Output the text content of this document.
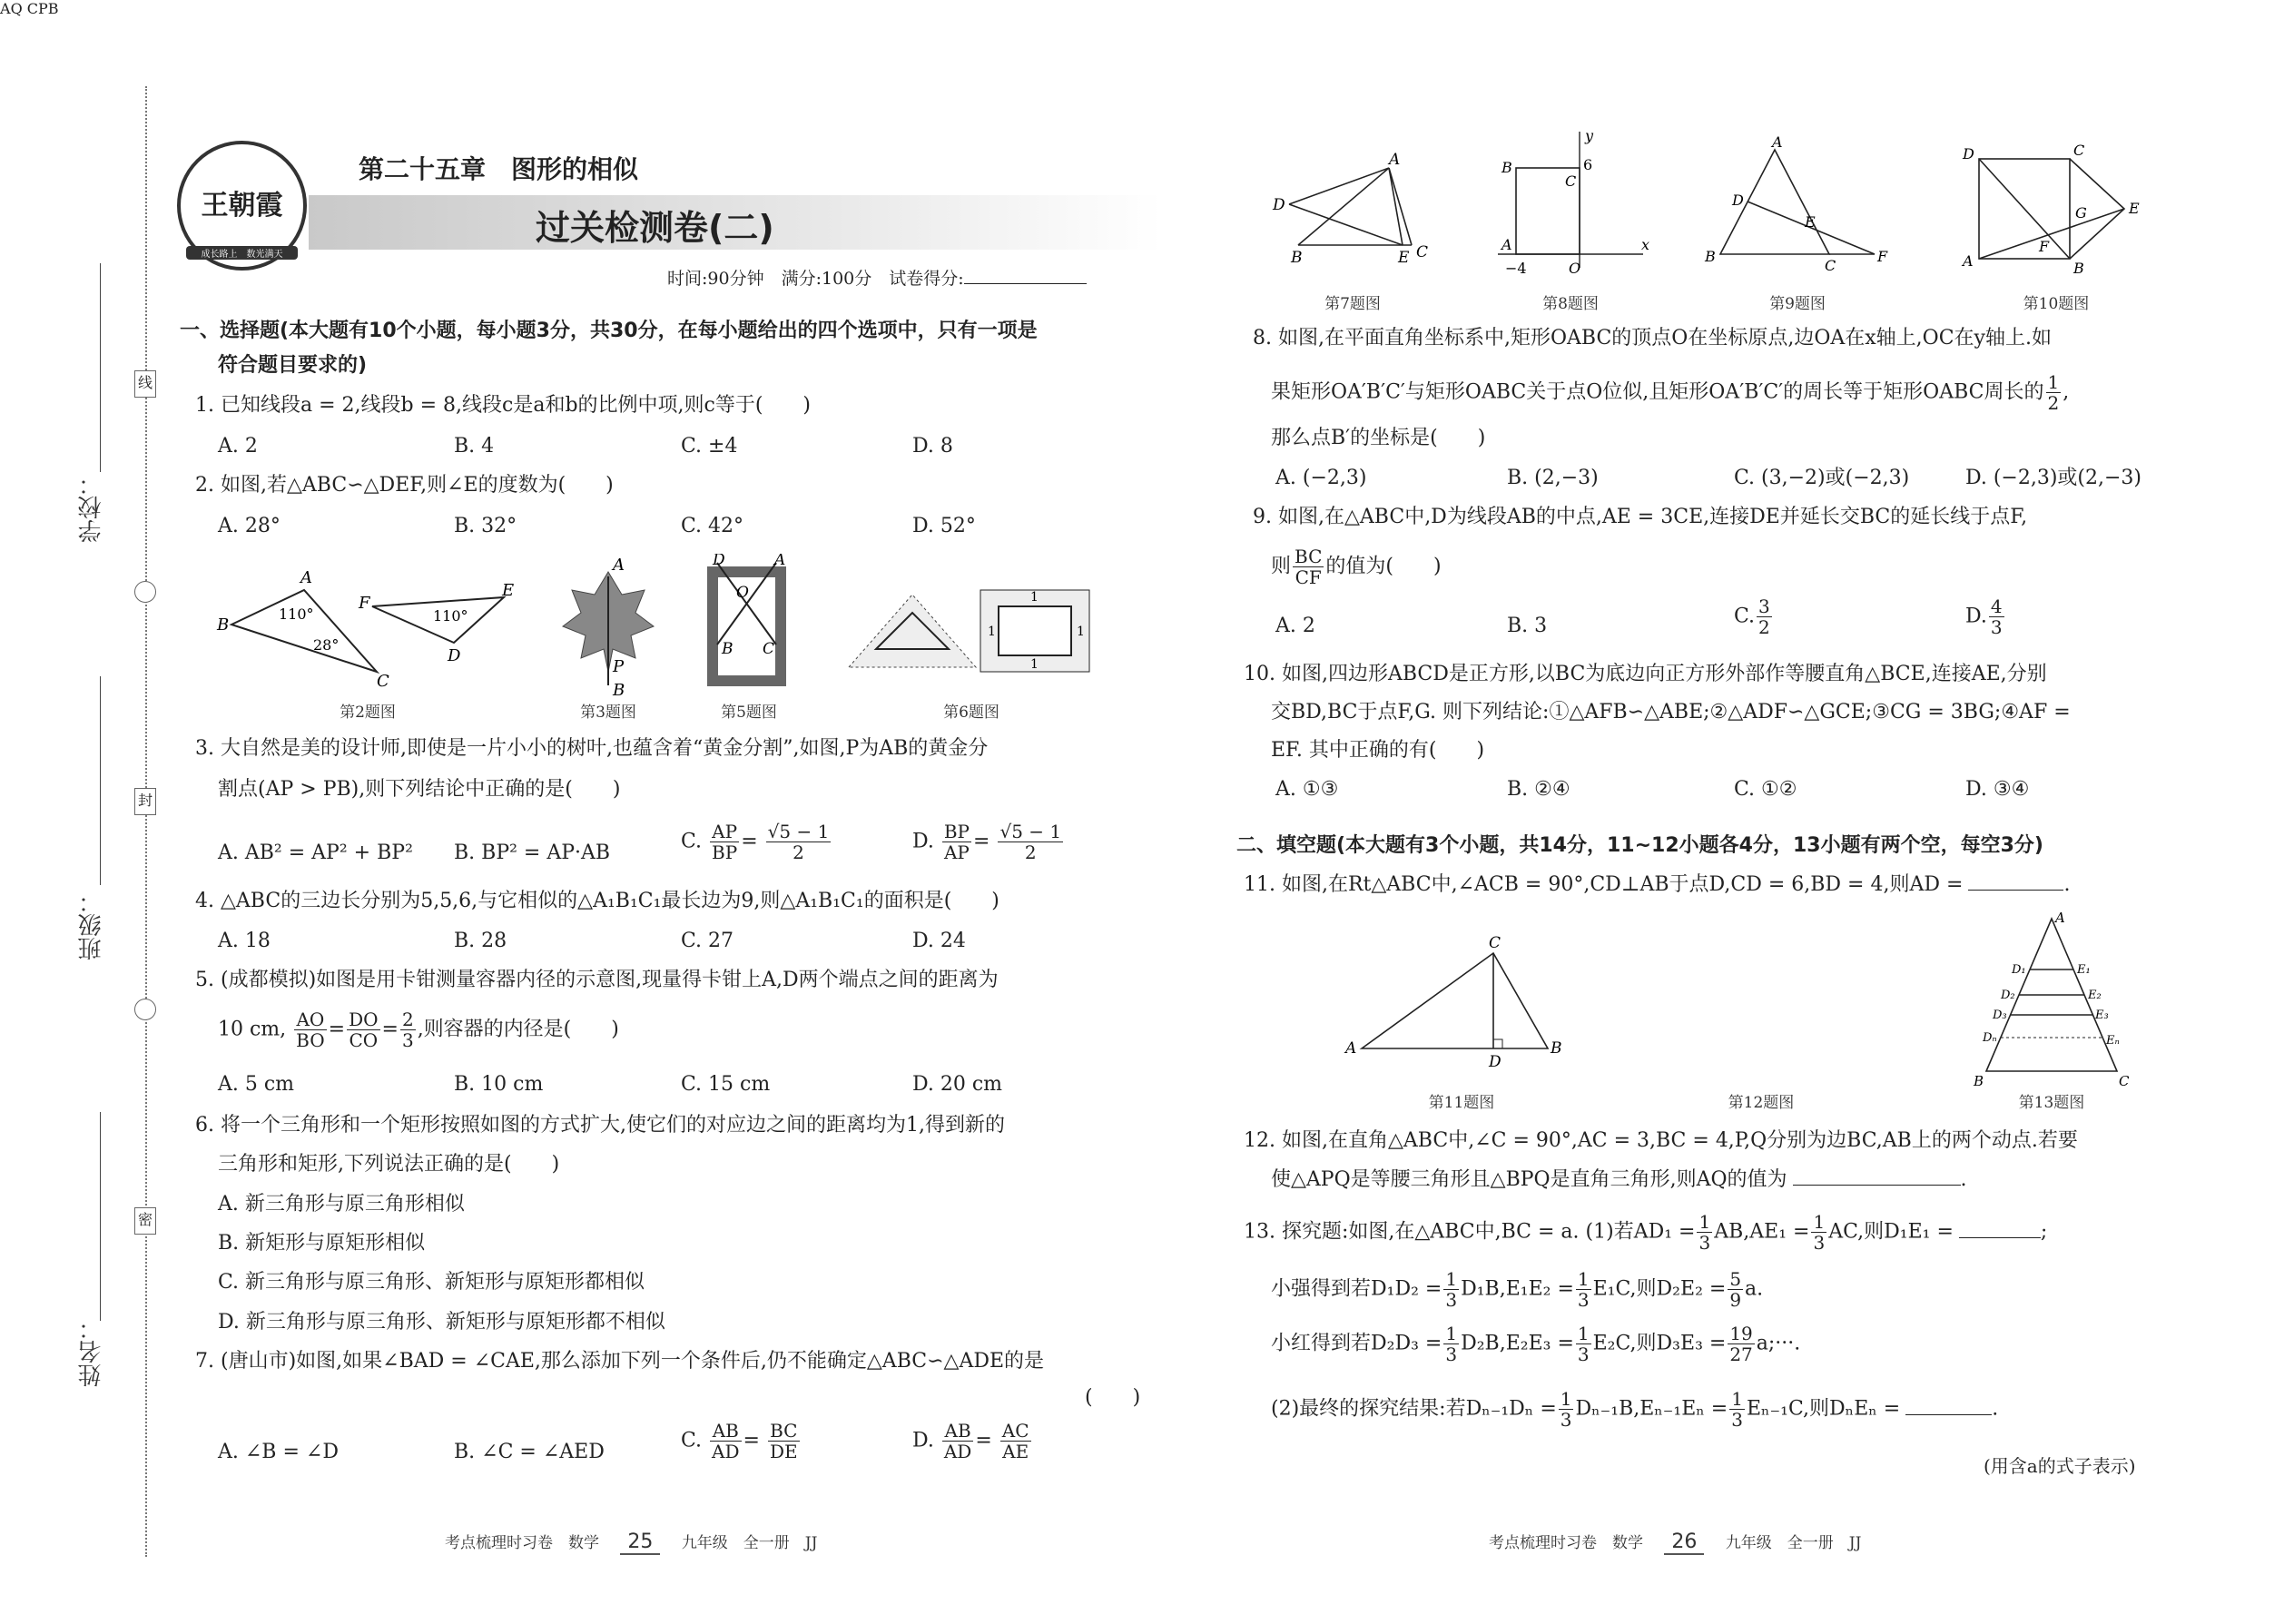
学校：
班级：
姓名：
线
封
密
王朝霞
成长路上　数光满天
第二十五章　图形的相似
过关检测卷(二)
时间:90分钟　满分:100分　试卷得分:
一、选择题(本大题有10个小题，每小题3分，共30分，在每小题给出的四个选项中，只有一项是
符合题目要求的)
1. 已知线段a = 2,线段b = 8,线段c是a和b的比例中项,则c等于(　　)
A. 2	B. 4	C. ±4	D. 8
2. 如图,若△ABC∽△DEF,则∠E的度数为(　　)
A. 28°	B. 32°	C. 42°	D. 52°
B
A
C
F
E
D
110°
28°
110°
A
P
B
D	A
O
B C
1
1	1
1
第2题图	第3题图	第5题图	第6题图
3. 大自然是美的设计师,即使是一片小小的树叶,也蕴含着“黄金分割”,如图,P为AB的黄金分
割点(AP > PB),则下列结论中正确的是(　　)
A. AB² = AP² + BP² B. BP² = AP·AB	C. $\frac{AP}{BP} = \frac{√5 - 1}{2}$	D. $\frac{BP}{AP} = \frac{√5 - 1}{2}$
4. △ABC的三边长分别为5,5,6,与它相似的△A₁B₁C₁最长边为9,则△A₁B₁C₁的面积是(　　)
A. 18	B. 28	C. 27	D. 24
5. (成都模拟)如图是用卡钳测量容器内径的示意图,现量得卡钳上A,D两个端点之间的距离为
10 cm, $\frac{AO}{BO} = \frac{DO}{CO} = \frac{2}{3}$ ,则容器的内径是(　　)
A. 5 cm	B. 10 cm	C. 15 cm	D. 20 cm
6. 将一个三角形和一个矩形按照如图的方式扩大,使它们的对应边之间的距离均为1,得到新的
三角形和矩形,下列说法正确的是(　　)
A. 新三角形与原三角形相似
B. 新矩形与原矩形相似
C. 新三角形与原三角形、新矩形与原矩形都相似
D. 新三角形与原三角形、新矩形与原矩形都不相似
7. (唐山市)如图,如果∠BAD = ∠CAE,那么添加下列一个条件后,仍不能确定△ABC∽△ADE的是
(　　)
A. ∠B = ∠D	B. ∠C = ∠AED	C. $\frac{AB}{AD} = \frac{BC}{DE}$	D. $\frac{AB}{AD} = \frac{AC}{AE}$
考点梳理时习卷　数学 25 九年级　全一册　JJ
D
A
B	E C
B
C
6
A
−4	O
y
x
A
D
E
B
C
F
D	C
E
G
F
A	B
第7题图	第8题图	第9题图	第10题图
8. 如图,在平面直角坐标系中,矩形OABC的顶点O在坐标原点,边OA在x轴上,OC在y轴上.如
果矩形OA′B′C′与矩形OABC关于点O位似,且矩形OA′B′C′的周长等于矩形OABC周长的 $\frac{1}{2}$ ,
那么点B′的坐标是(　　)
A. (−2,3)	B. (2,−3)	C. (3,−2)或(−2,3)	D. (−2,3)或(2,−3)
9. 如图,在△ABC中,D为线段AB的中点,AE = 3CE,连接DE并延长交BC的延长线于点F,
则 $\frac{BC}{CF}$ 的值为(　　)
A. 2	B. 3	C. $\frac{3}{2}$	D. $\frac{4}{3}$
10. 如图,四边形ABCD是正方形,以BC为底边向正方形外部作等腰直角△BCE,连接AE,分别
交BD,BC于点F,G. 则下列结论:①△AFB∽△ABE;②△ADF∽△GCE;③CG = 3BG;④AF =
EF. 其中正确的有(　　)
A. ①③	B. ②④	C. ①②	D. ③④
二、填空题(本大题有3个小题，共14分，11~12小题各4分，13小题有两个空，每空3分)
11. 如图,在Rt△ABC中,∠ACB = 90°,CD⊥AB于点D,CD = 6,BD = 4,则AD =	.
C
A
D
B
AQ CPB
A
D₁	E₁
D₂	E₂
D₃	E₃
Dₙ	Eₙ
B	C
第11题图	第12题图	第13题图
12. 如图,在直角△ABC中,∠C = 90°,AC = 3,BC = 4,P,Q分别为边BC,AB上的两个动点.若要
使△APQ是等腰三角形且△BPQ是直角三角形,则AQ的值为	.
13. 探究题:如图,在△ABC中,BC = a. (1)若$AD_1 = \frac{1}{3} AB,AE_1 = \frac{1}{3}$ AC,则D₁E₁ =	;
小强得到若$D_1D_2 = \frac{1}{3} D_1B,E_1E_2 = \frac{1}{3} E_1C$,则$D_2E_2 = \frac{5}{9} a$.
小红得到若$D_2D_3 = \frac{1}{3} D_2B,E_2E_3 = \frac{1}{3} E_2C$,则$D_3E_3 = \frac{19}{27}$ a;···.
(2)最终的探究结果:若$D_{n-1}D_n = \frac{1}{3} D_{n-1}B,E_{n-1}E_n = \frac{1}{3} E_{n-1}C$,则DₙEₙ =	.
(用含a的式子表示)
考点梳理时习卷　数学 26 九年级　全一册　JJ
